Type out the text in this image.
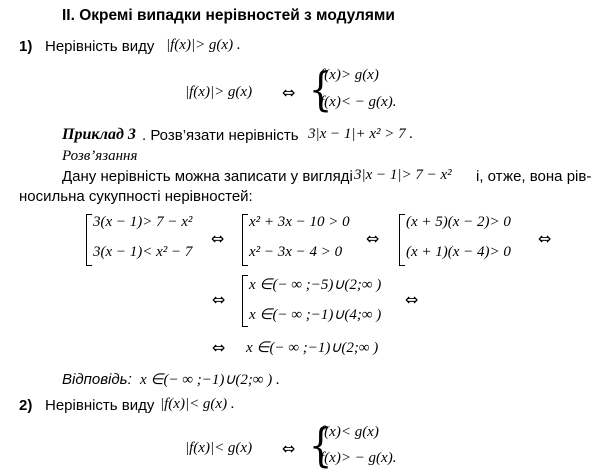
II. Окремі випадки нерівностей з модулями
1) Нерівність виду |f(x)|> g(x) .
|f(x)|> g(x) ⇔ {
f(x)> g(x)
f(x)< − g(x).
Приклад 3 . Розв’язати нерівність 3|x − 1|+ x² > 7 .
Розв’язання
Дану нерівність можна записати у вигляді 3|x − 1|> 7 − x² і, отже, вона рів-
носильна сукупності нерівностей:
3(x − 1)> 7 − x²
3(x − 1)< x² − 7
⇔
x² + 3x − 10 > 0
x² − 3x − 4 > 0
⇔
(x + 5)(x − 2)> 0
(x + 1)(x − 4)> 0
⇔
⇔
x ∈(− ∞ ;−5)∪(2;∞ )
x ∈(− ∞ ;−1)∪(4;∞ )
⇔
⇔ x ∈(− ∞ ;−1)∪(2;∞ )
Відповідь: x ∈(− ∞ ;−1)∪(2;∞ ) .
2) Нерівність виду |f(x)|< g(x) .
|f(x)|< g(x) ⇔ {
f(x)< g(x)
f(x)> − g(x).
